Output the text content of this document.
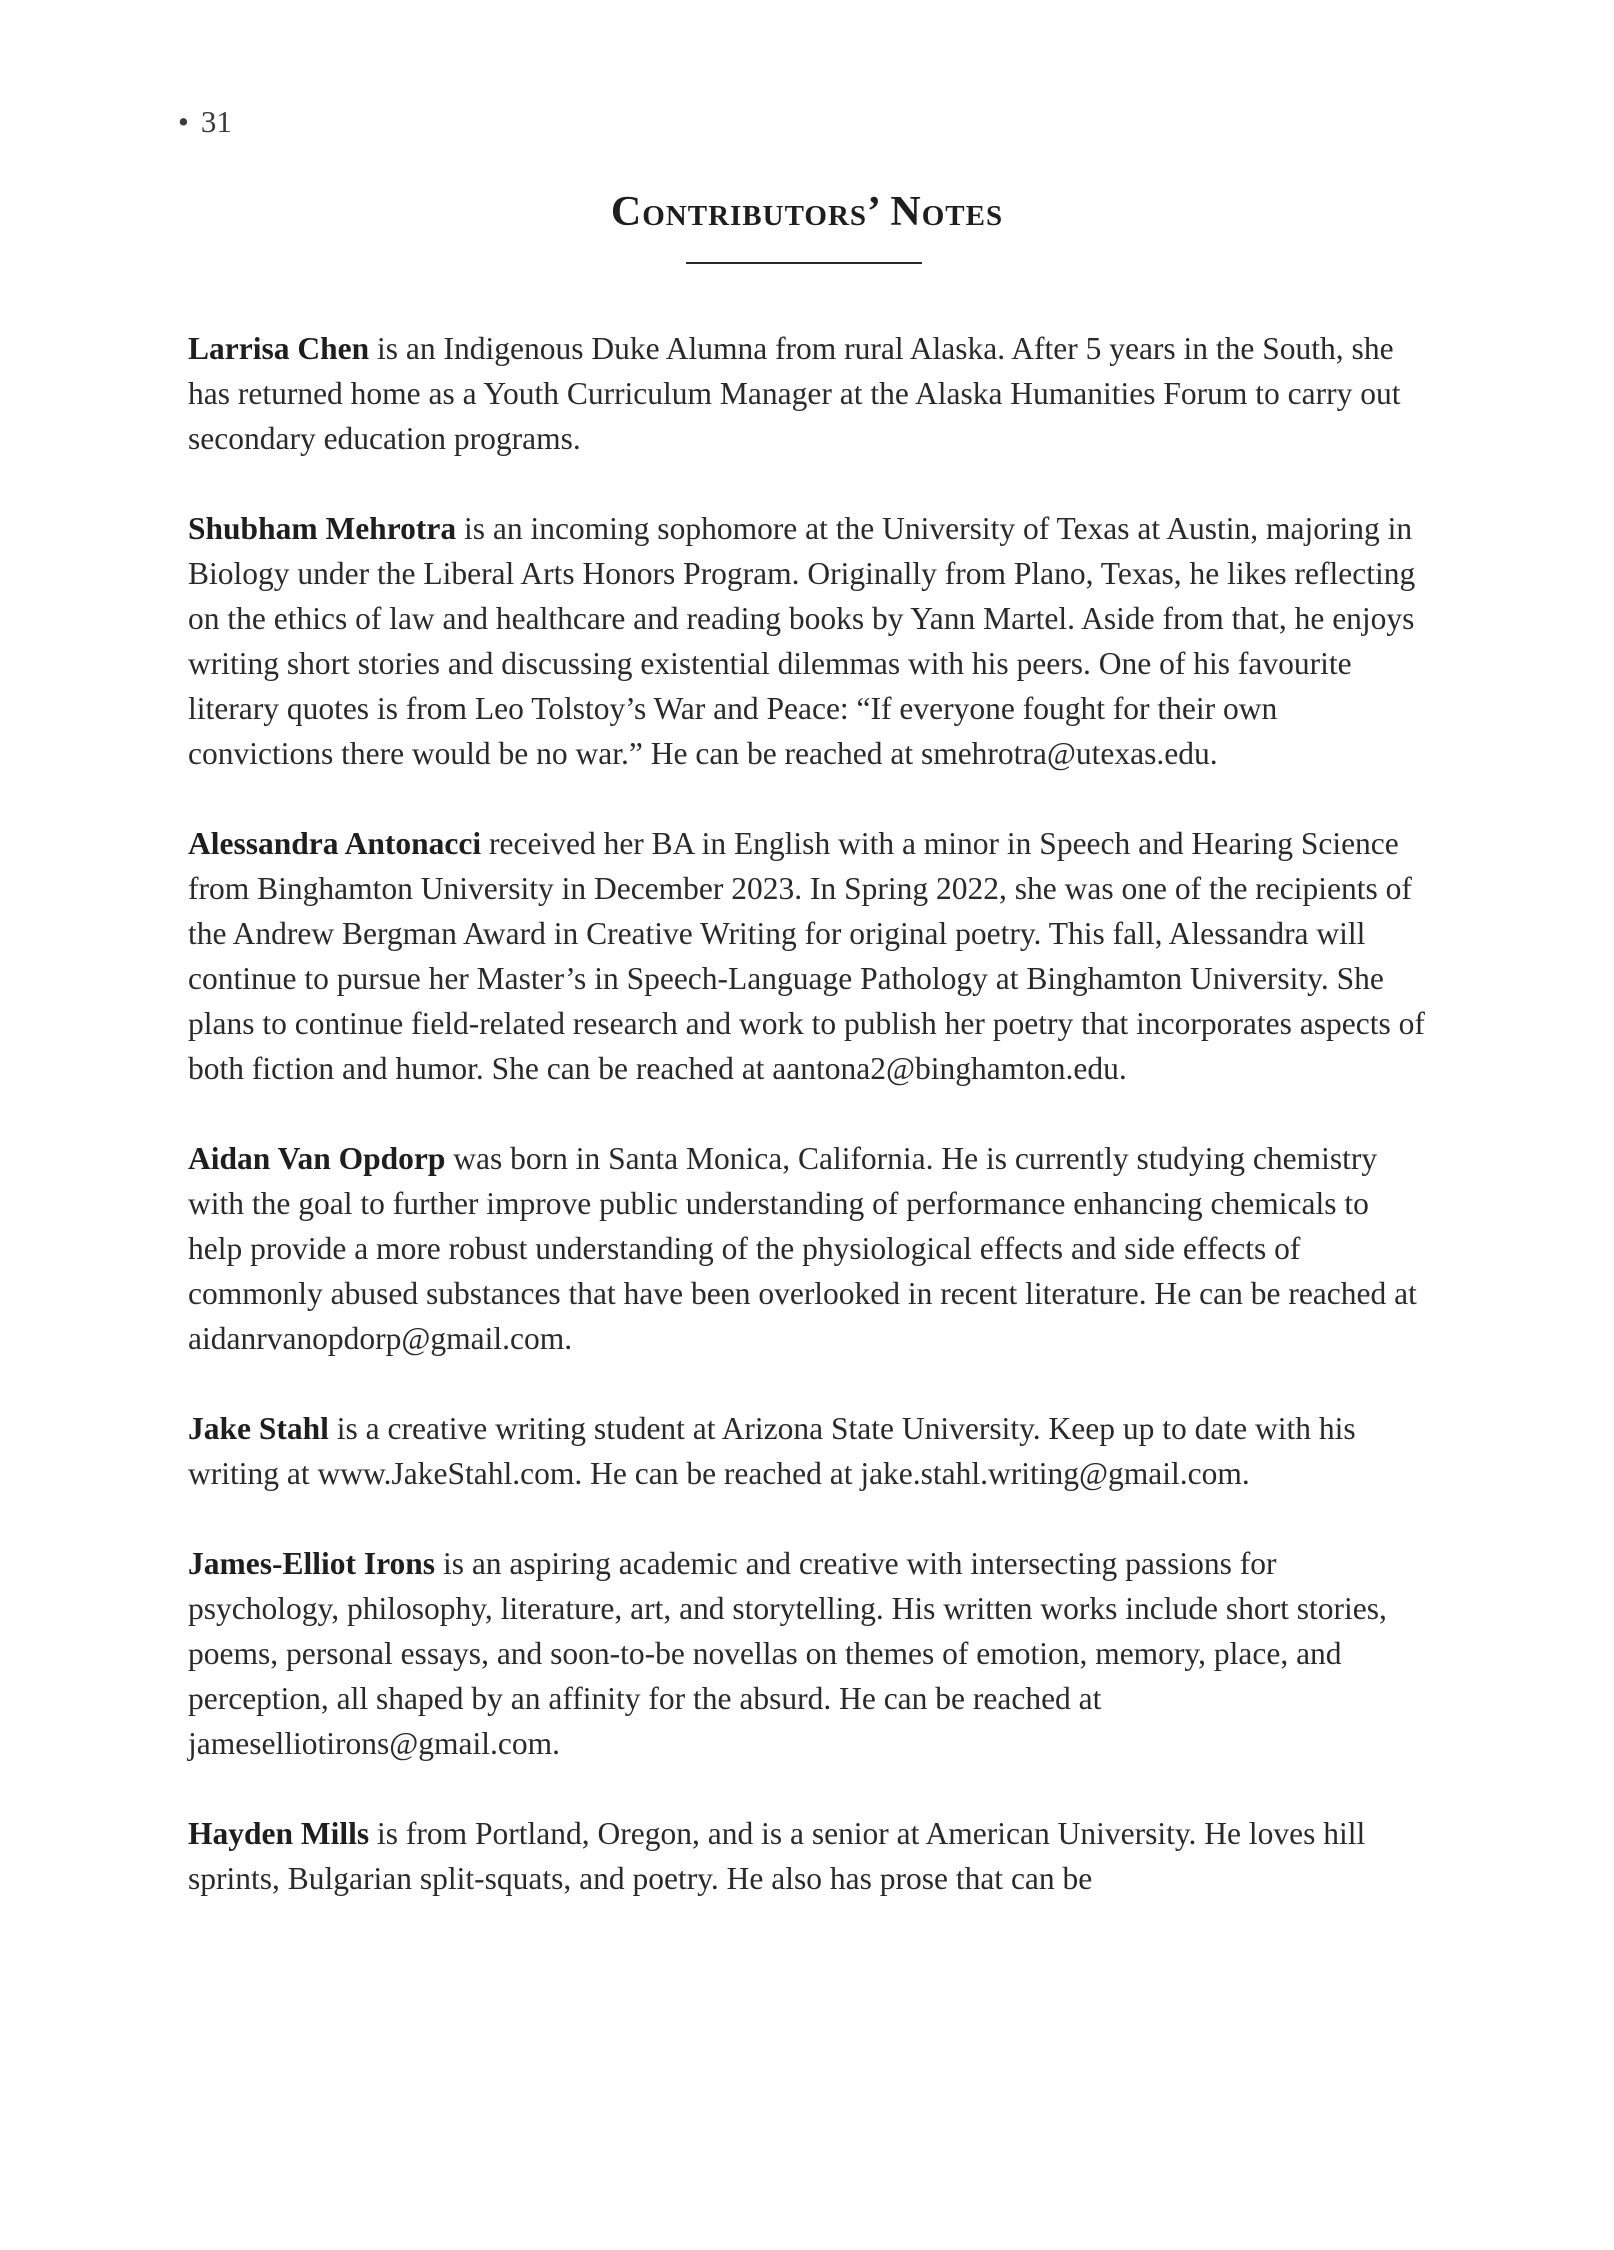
• 31
Contributors’ Notes

Larrisa Chen is an Indigenous Duke Alumna from rural Alaska. After 5 years in the South, she has returned home as a Youth Curriculum Manager at the Alaska Humanities Forum to carry out secondary education programs.

Shubham Mehrotra is an incoming sophomore at the University of Texas at Austin, majoring in Biology under the Liberal Arts Honors Program. Originally from Plano, Texas, he likes reflecting on the ethics of law and healthcare and reading books by Yann Martel. Aside from that, he enjoys writing short stories and discussing existential dilemmas with his peers. One of his favourite literary quotes is from Leo Tolstoy’s War and Peace: “If everyone fought for their own convictions there would be no war.” He can be reached at smehrotra@utexas.edu.

Alessandra Antonacci received her BA in English with a minor in Speech and Hearing Science from Binghamton University in December 2023. In Spring 2022, she was one of the recipients of the Andrew Bergman Award in Creative Writing for original poetry. This fall, Alessandra will continue to pursue her Master’s in Speech-Language Pathology at Binghamton University. She plans to continue field-related research and work to publish her poetry that incorporates aspects of both fiction and humor. She can be reached at aantona2@binghamton.edu.

Aidan Van Opdorp was born in Santa Monica, California. He is currently studying chemistry with the goal to further improve public understanding of performance enhancing chemicals to help provide a more robust understanding of the physiological effects and side effects of commonly abused substances that have been overlooked in recent literature. He can be reached at aidanrvanopdorp@gmail.com.

Jake Stahl is a creative writing student at Arizona State University. Keep up to date with his writing at www.JakeStahl.com. He can be reached at jake.stahl.writing@gmail.com.

James-Elliot Irons is an aspiring academic and creative with intersecting passions for psychology, philosophy, literature, art, and storytelling. His written works include short stories, poems, personal essays, and soon-to-be novellas on themes of emotion, memory, place, and perception, all shaped by an affinity for the absurd. He can be reached at jameselliotirons@gmail.com.

Hayden Mills is from Portland, Oregon, and is a senior at American University. He loves hill sprints, Bulgarian split-squats, and poetry. He also has prose that can be
